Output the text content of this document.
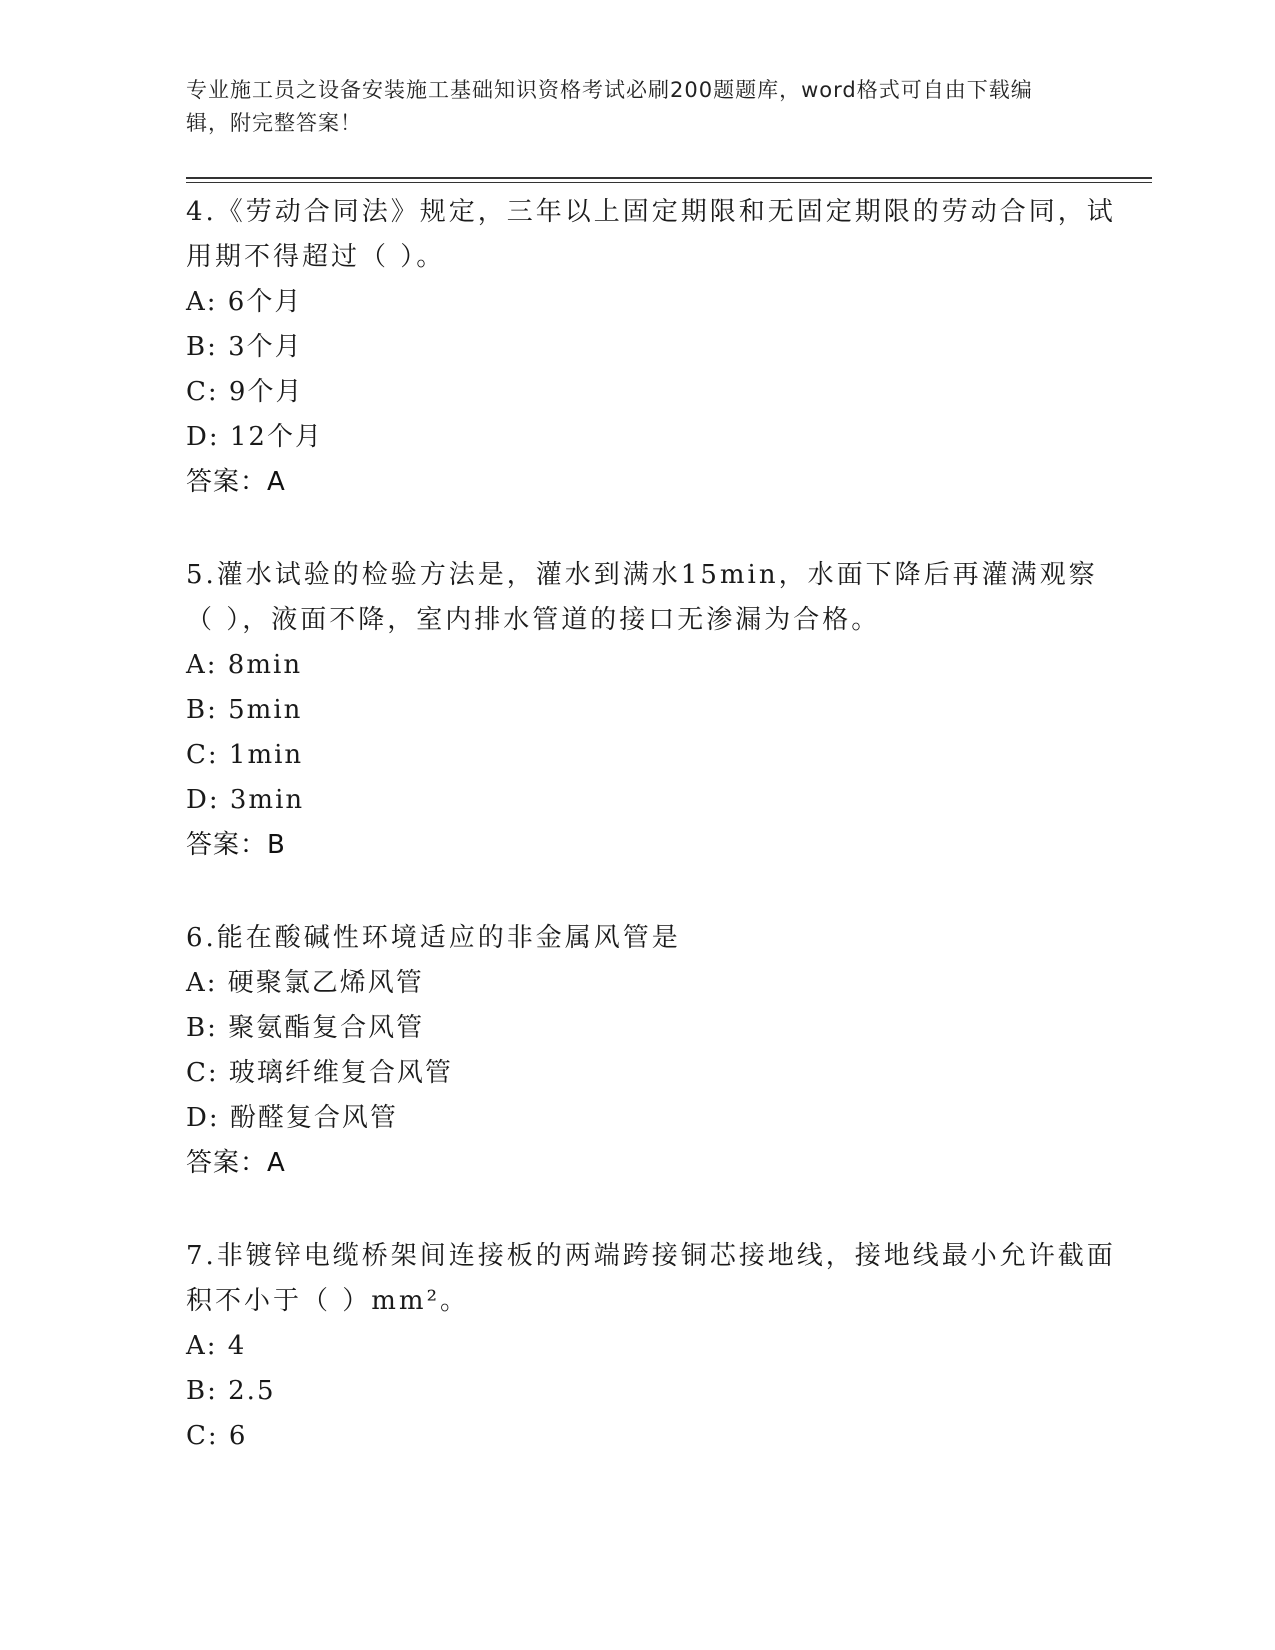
专业施工员之设备安装施工基础知识资格考试必刷200题题库，word格式可自由下载编辑，附完整答案！

4.《劳动合同法》规定，三年以上固定期限和无固定期限的劳动合同，试用期不得超过（ ）。

A: 6个月

B: 3个月

C: 9个月

D: 12个月

答案：A

5.灌水试验的检验方法是，灌水到满水15min，水面下降后再灌满观察（ ），液面不降，室内排水管道的接口无渗漏为合格。

A: 8min

B: 5min

C: 1min

D: 3min

答案：B

6.能在酸碱性环境适应的非金属风管是

A: 硬聚氯乙烯风管

B: 聚氨酯复合风管

C: 玻璃纤维复合风管

D: 酚醛复合风管

答案：A

7.非镀锌电缆桥架间连接板的两端跨接铜芯接地线，接地线最小允许截面积不小于（ ）mm²。

A: 4

B: 2.5

C: 6
